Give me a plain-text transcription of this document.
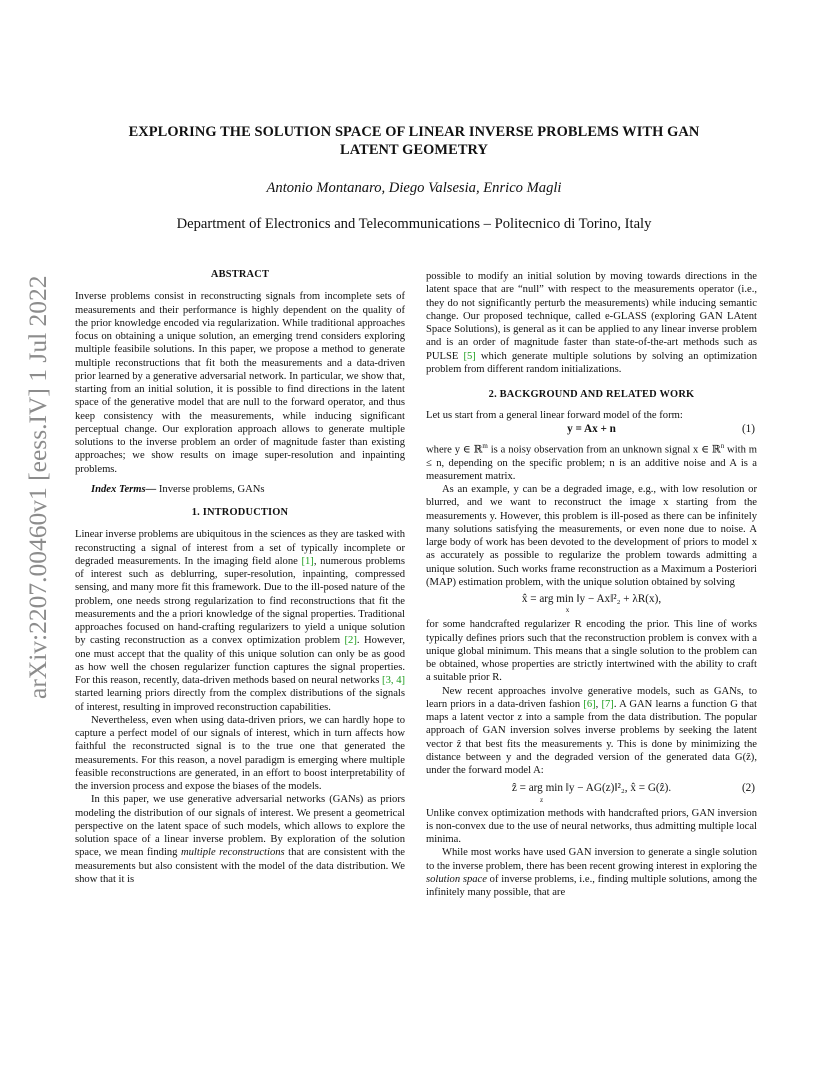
arXiv:2207.00460v1 [eess.IV] 1 Jul 2022
EXPLORING THE SOLUTION SPACE OF LINEAR INVERSE PROBLEMS WITH GAN
LATENT GEOMETRY
Antonio Montanaro, Diego Valsesia, Enrico Magli
Department of Electronics and Telecommunications – Politecnico di Torino, Italy
ABSTRACT

Inverse problems consist in reconstructing signals from incomplete sets of measurements and their performance is highly dependent on the quality of the prior knowledge encoded via regularization. While traditional approaches focus on obtaining a unique solution, an emerging trend considers exploring multiple feasibile solutions. In this paper, we propose a method to generate multiple reconstructions that fit both the measurements and a data-driven prior learned by a generative adversarial network. In particular, we show that, starting from an initial solution, it is possible to find directions in the latent space of the generative model that are null to the forward operator, and thus keep consistency with the measurements, while inducing significant perceptual change. Our exploration approach allows to generate multiple solutions to the inverse problem an order of magnitude faster than existing approaches; we show results on image super-resolution and inpainting problems.

Index Terms— Inverse problems, GANs

1. INTRODUCTION

Linear inverse problems are ubiquitous in the sciences as they are tasked with reconstructing a signal of interest from a set of typically incomplete or degraded measurements. In the imaging field alone [1], numerous problems of interest such as deblurring, super-resolution, inpainting, compressed sensing, and many more fit this framework. Due to the ill-posed nature of the problem, one needs strong regularization to find reconstructions that fit the measurements and the a priori knowledge of the signal properties. Traditional approaches focused on hand-crafting regularizers to yield a unique solution by casting reconstruction as a convex optimization problem [2]. However, one must accept that the quality of this unique solution can only be as good as how well the chosen regularizer function captures the signal properties. For this reason, recently, data-driven methods based on neural networks [3, 4] started learning priors directly from the complex distributions of the signals of interest, resulting in improved reconstruction capabilities.

Nevertheless, even when using data-driven priors, we can hardly hope to capture a perfect model of our signals of interest, which in turn affects how faithful the reconstructed signal is to the true one that generated the measurements. For this reason, a novel paradigm is emerging where multiple feasible reconstructions are generated, in an effort to boost interpretability of the inversion process and expose the biases of the models.

In this paper, we use generative adversarial networks (GANs) as priors modeling the distribution of our signals of interest. We present a geometrical perspective on the latent space of such models, which allows to explore the solution space of a linear inverse problem. By exploration of the solution space, we mean finding multiple reconstructions that are consistent with the measurements but also consistent with the model of the data distribution. We show that it is

possible to modify an initial solution by moving towards directions in the latent space that are “null” with respect to the measurements operator (i.e., they do not significantly perturb the measurements) while inducing semantic change. Our proposed technique, called e-GLASS (exploring GAN LAtent Space Solutions), is general as it can be applied to any linear inverse problem and is an order of magnitude faster than state-of-the-art methods such as PULSE [5] which generate multiple solutions by solving an optimization problem from different random initializations.

2. BACKGROUND AND RELATED WORK

Let us start from a general linear forward model of the form:

y = Ax + n	(1)

where y ∈ ℝ$^m$ is a noisy observation from an unknown signal x ∈ ℝ$^n$ with m ≤ n, depending on the specific problem; n is an additive noise and A is a measurement matrix.

As an example, y can be a degraded image, e.g., with low resolution or blurred, and we want to reconstruct the image x starting from the measurements y. However, this problem is ill-posed as there can be infinitely many solutions satisfying the measurements, or even none due to noise. A large body of work has been devoted to the development of priors to model x as accurately as possible to regularize the problem towards admitting a unique solution. Such works frame reconstruction as a Maximum a Posteriori (MAP) estimation problem, with the unique solution obtained by solving

x̂ = arg min ‖y − Ax‖²₂ + λR(x),
x

for some handcrafted regularizer R encoding the prior. This line of works typically defines priors such that the reconstruction problem is convex with a unique global minimum. This means that a single solution to the problem can be obtained, whose properties are strictly intertwined with the ability to craft a suitable prior R.

New recent approaches involve generative models, such as GANs, to learn priors in a data-driven fashion [6], [7]. A GAN learns a function G that maps a latent vector z into a sample from the data distribution. The popular approach of GAN inversion solves inverse problems by seeking the latent vector ẑ that best fits the measurements y. This is done by minimizing the distance between y and the degraded version of the generated data G(ẑ), under the forward model A:

ẑ = arg min ‖y − AG(z)‖²₂, x̂ = G(ẑ).	(2)
z

Unlike convex optimization methods with handcrafted priors, GAN inversion is non-convex due to the use of neural networks, thus admitting multiple local minima.

While most works have used GAN inversion to generate a single solution to the inverse problem, there has been recent growing interest in exploring the solution space of inverse problems, i.e., finding multiple solutions, among the infinitely many possible, that are
